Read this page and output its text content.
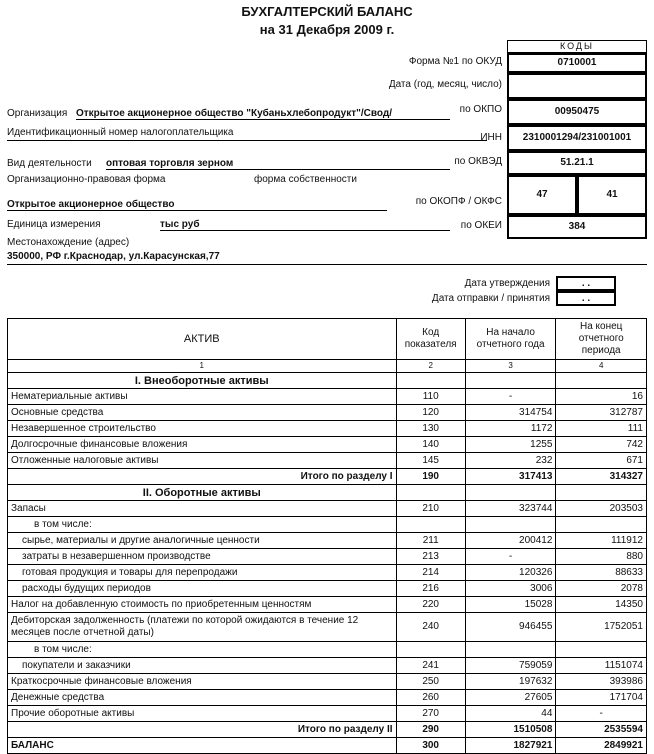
БУХГАЛТЕРСКИЙ БАЛАНС
на 31 Декабря 2009 г.
КОДЫ
Форма №1 по ОКУД	0710001
Дата (год, месяц, число)
по ОКПО	00950475
ИНН	2310001294/231001001
по ОКВЭД	51.21.1
по ОКОПФ / ОКФС
47	41
по ОКЕИ	384
Организация Открытое акционерное общество "Кубаньхлебопродукт"/Свод/
Идентификационный номер налогоплательщика
Вид деятельности оптовая торговля зерном
Организационно-правовая форма	форма собственности
Открытое акционерное общество
Единица измерения	тыс руб
Местонахождение (адрес)
350000, РФ г.Краснодар, ул.Карасунская,77
Дата утверждения	. .
Дата отправки / принятия	. .
АКТИВ	Код показателя	На начало отчетного года	На конец отчетного периода
1	2	3	4
I. Внеоборотные активы			
Нематериальные активы	110	-	16
Основные средства	120	314754	312787
Незавершенное строительство	130	1172	111
Долгосрочные финансовые вложения	140	1255	742
Отложенные налоговые активы	145	232	671
Итого по разделу I	190	317413	314327
II. Оборотные активы			
Запасы	210	323744	203503
в том числе:			
сырье, материалы и другие аналогичные ценности	211	200412	111912
затраты в незавершенном производстве	213	-	880
готовая продукция и товары для перепродажи	214	120326	88633
расходы будущих периодов	216	3006	2078
Налог на добавленную стоимость по приобретенным ценностям	220	15028	14350
Дебиторская задолженность (платежи по которой ожидаются в течение 12 месяцев после отчетной даты)	240	946455	1752051
в том числе:			
покупатели и заказчики	241	759059	1151074
Краткосрочные финансовые вложения	250	197632	393986
Денежные средства	260	27605	171704
Прочие оборотные активы	270	44	-
Итого по разделу II	290	1510508	2535594
БАЛАНС	300	1827921	2849921
